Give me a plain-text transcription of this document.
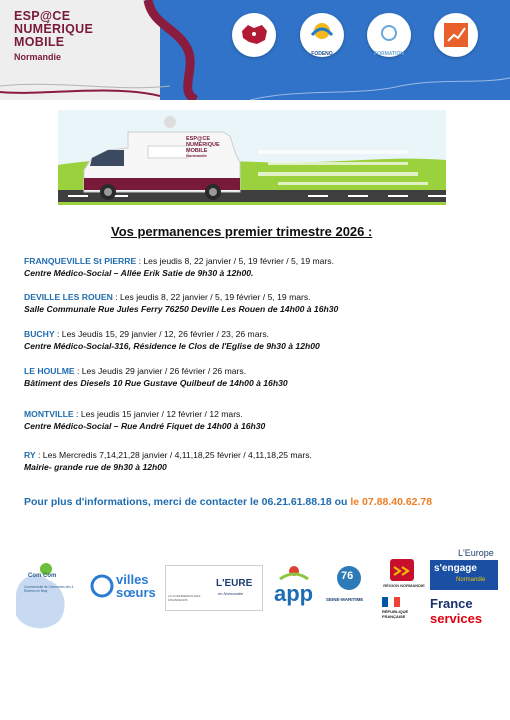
ESP@CE
NUMÉRIQUE
MOBILE
Normandie	FODENO	FORMATION
ESP@CE
NUMÉRIQUE
MOBILE
Normandie
Vos permanences premier trimestre 2026 :
FRANQUEVILLE St PIERRE : Les jeudis 8, 22 janvier / 5, 19 février / 5, 19 mars.
Centre Médico-Social – Allée Erik Satie de 9h30 à 12h00.
DEVILLE LES ROUEN : Les jeudis 8, 22 janvier / 5, 19 février / 5, 19 mars.
Salle Communale Rue Jules Ferry 76250 Deville Les Rouen de 14h00 à 16h30
BUCHY : Les Jeudis 15, 29 janvier / 12, 26 février / 23, 26 mars.
Centre Médico-Social-316, Résidence le Clos de l'Eglise de 9h30 à 12h00
LE HOULME : Les Jeudis 29 janvier / 26 février / 26 mars.
Bâtiment des Diesels 10 Rue Gustave Quilbeuf de 14h00 à 16h30
MONTVILLE : Les jeudis 15 janvier / 12 février / 12 mars.
Centre Médico-Social – Rue André Fiquet de 14h00 à 16h30
RY : Les Mercredis 7,14,21,28 janvier / 4,11,18,25 février / 4,11,18,25 mars.
Mairie- grande rue de 9h30 à 12h00
Pour plus d'informations, merci de contacter le 06.21.61.88.18 ou le 07.88.40.62.78
Com Com
Communauté de Communes des 4 Rivières en Bray
villes
sœurs	LA CONFÉRENCE DES FINANCEURS
L'EURE
en Normandie app
76
SEINE-MARITIME
RÉGION NORMANDIE
RÉPUBLIQUE
FRANÇAISE
L'Europe
s'engage
Normandie
France
services
